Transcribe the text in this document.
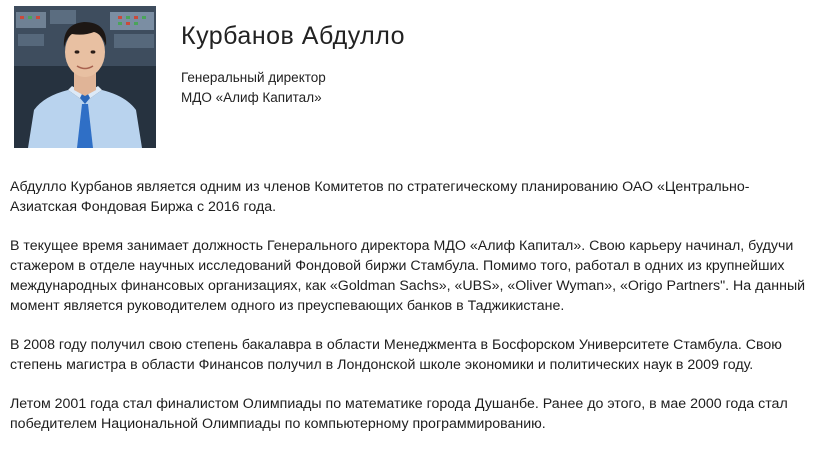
Курбанов Абдулло
Генеральный директор
МДО «Алиф Капитал»

Абдулло Курбанов является одним из членов Комитетов по стратегическому планированию ОАО «Центрально-Азиатская Фондовая Биржа с 2016 года.

В текущее время занимает должность Генерального директора МДО «Алиф Капитал». Свою карьеру начинал, будучи стажером в отделе научных исследований Фондовой биржи Стамбула. Помимо того, работал в одних из крупнейших международных финансовых организациях, как «Goldman Sachs», «UBS», «Oliver Wyman», «Origo Partners". На данный момент является руководителем одного из преуспевающих банков в Таджикистане.

В 2008 году получил свою степень бакалавра в области Менеджмента в Босфорском Университете Стамбула. Свою степень магистра в области Финансов получил в Лондонской школе экономики и политических наук в 2009 году.

Летом 2001 года стал финалистом Олимпиады по математике города Душанбе. Ранее до этого, в мае 2000 года стал победителем Национальной Олимпиады по компьютерному программированию.
